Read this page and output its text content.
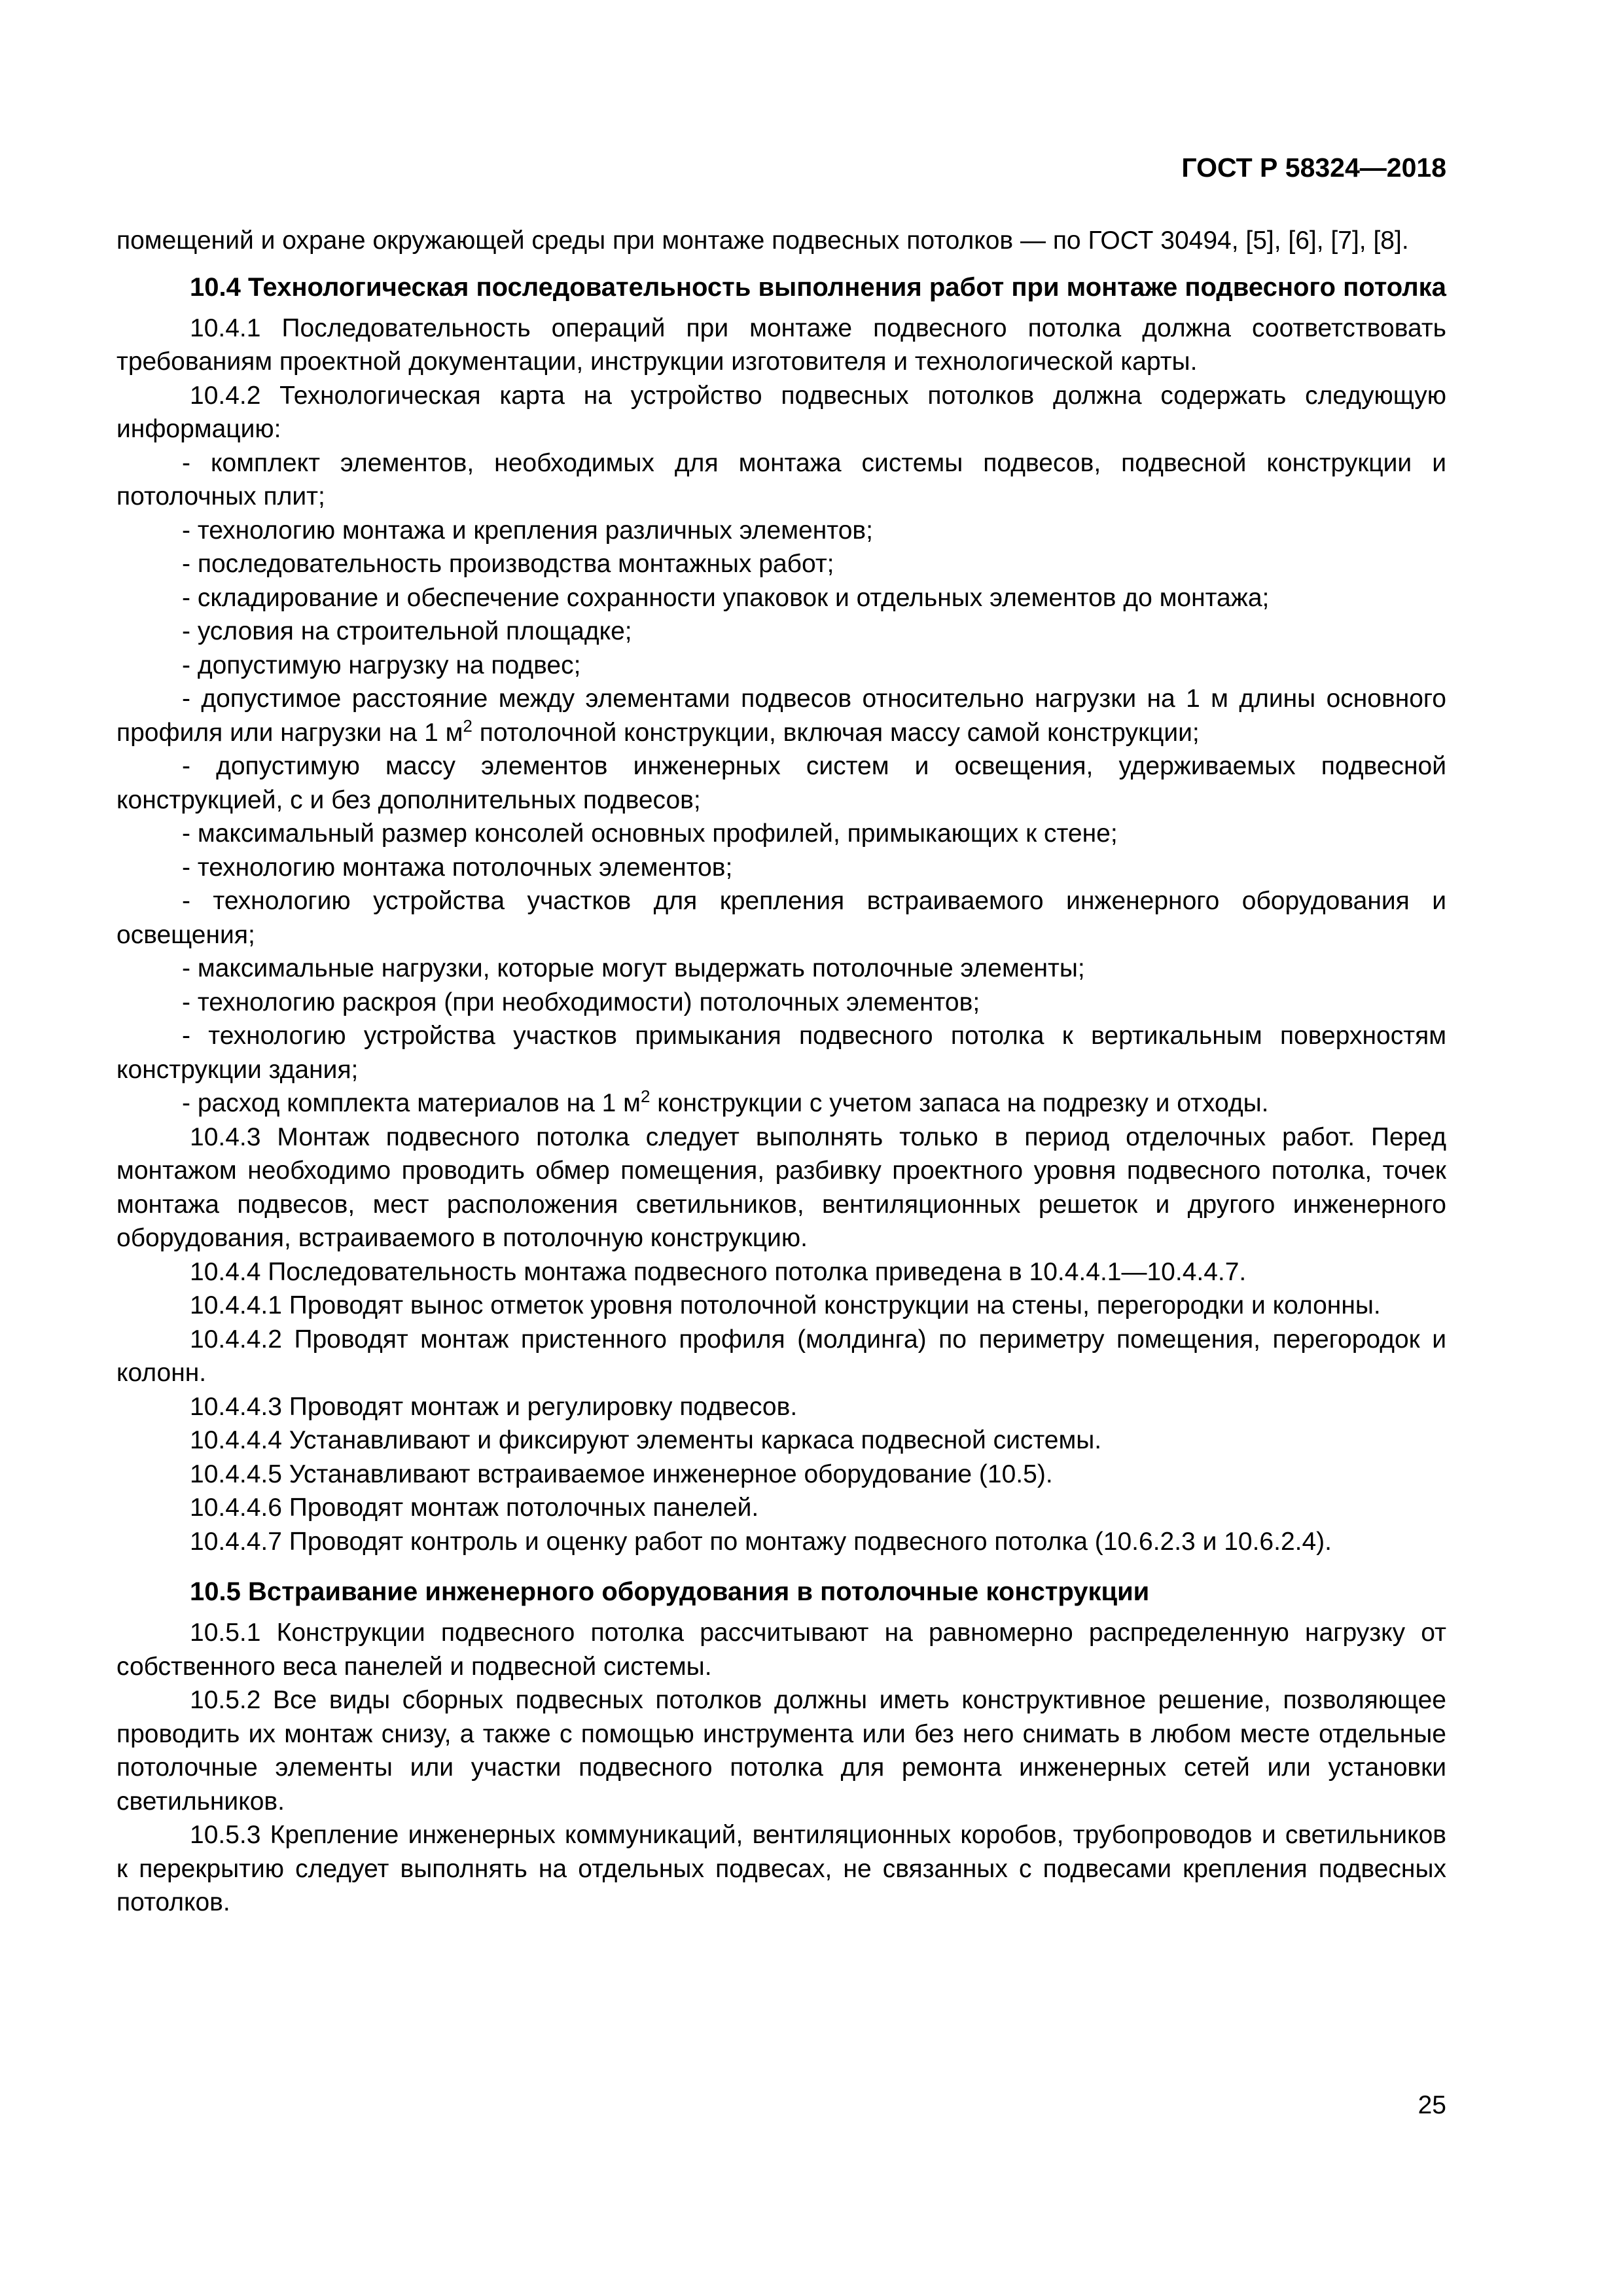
ГОСТ Р 58324—2018

помещений и охране окружающей среды при монтаже подвесных потолков — по ГОСТ 30494, [5], [6], [7], [8].

10.4 Технологическая последовательность выполнения работ при монтаже подвесного потолка

10.4.1 Последовательность операций при монтаже подвесного потолка должна соответствовать требованиям проектной документации, инструкции изготовителя и технологической карты.

10.4.2 Технологическая карта на устройство подвесных потолков должна содержать следующую информацию:

- комплект элементов, необходимых для монтажа системы подвесов, подвесной конструкции и потолочных плит;

- технологию монтажа и крепления различных элементов;

- последовательность производства монтажных работ;

- складирование и обеспечение сохранности упаковок и отдельных элементов до монтажа;

- условия на строительной площадке;

- допустимую нагрузку на подвес;

- допустимое расстояние между элементами подвесов относительно нагрузки на 1 м длины основного профиля или нагрузки на 1 $м^2$ потолочной конструкции, включая массу самой конструкции;

- допустимую массу элементов инженерных систем и освещения, удерживаемых подвесной конструкцией, с и без дополнительных подвесов;

- максимальный размер консолей основных профилей, примыкающих к стене;

- технологию монтажа потолочных элементов;

- технологию устройства участков для крепления встраиваемого инженерного оборудования и освещения;

- максимальные нагрузки, которые могут выдержать потолочные элементы;

- технологию раскроя (при необходимости) потолочных элементов;

- технологию устройства участков примыкания подвесного потолка к вертикальным поверхностям конструкции здания;

- расход комплекта материалов на 1 $м^2$ конструкции с учетом запаса на подрезку и отходы.

10.4.3 Монтаж подвесного потолка следует выполнять только в период отделочных работ. Перед монтажом необходимо проводить обмер помещения, разбивку проектного уровня подвесного потолка, точек монтажа подвесов, мест расположения светильников, вентиляционных решеток и другого инженерного оборудования, встраиваемого в потолочную конструкцию.

10.4.4 Последовательность монтажа подвесного потолка приведена в 10.4.4.1—10.4.4.7.

10.4.4.1 Проводят вынос отметок уровня потолочной конструкции на стены, перегородки и колонны.

10.4.4.2 Проводят монтаж пристенного профиля (молдинга) по периметру помещения, перегородок и колонн.

10.4.4.3 Проводят монтаж и регулировку подвесов.

10.4.4.4 Устанавливают и фиксируют элементы каркаса подвесной системы.

10.4.4.5 Устанавливают встраиваемое инженерное оборудование (10.5).

10.4.4.6 Проводят монтаж потолочных панелей.

10.4.4.7 Проводят контроль и оценку работ по монтажу подвесного потолка (10.6.2.3 и 10.6.2.4).

10.5 Встраивание инженерного оборудования в потолочные конструкции

10.5.1 Конструкции подвесного потолка рассчитывают на равномерно распределенную нагрузку от собственного веса панелей и подвесной системы.

10.5.2 Все виды сборных подвесных потолков должны иметь конструктивное решение, позволяющее проводить их монтаж снизу, а также с помощью инструмента или без него снимать в любом месте отдельные потолочные элементы или участки подвесного потолка для ремонта инженерных сетей или установки светильников.

10.5.3 Крепление инженерных коммуникаций, вентиляционных коробов, трубопроводов и светильников к перекрытию следует выполнять на отдельных подвесах, не связанных с подвесами крепления подвесных потолков.

25
